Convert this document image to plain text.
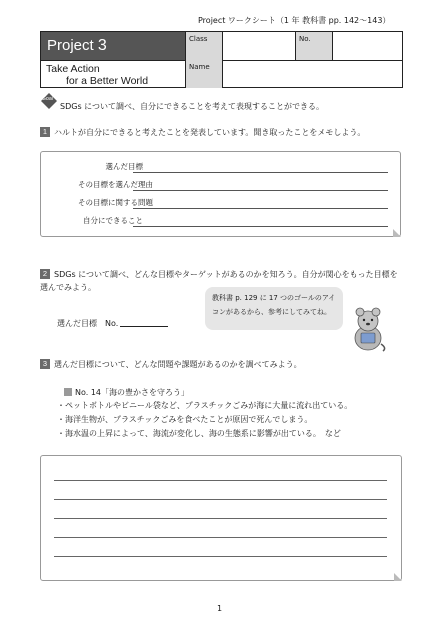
Project ワークシート（1 年 教科書 pp. 142～143）
Project 3
Take Action
for a Better World
Class	No.
Name
Goal
SDGs について調べ、自分にできることを考えて表現することができる。
1 ハルトが自分にできると考えたことを発表しています。聞き取ったことをメモしよう。
選んだ目標
その目標を選んだ理由
その目標に関する問題
自分にできること
2 SDGs について調べ、どんな目標やターゲットがあるのかを知ろう。自分が関心をもった目標を選んでみよう。
教科書 p. 129 に 17 つのゴールのアイ
コンがあるから、参考にしてみてね。
選んだ目標　No.
3 選んだ目標について、どんな問題や課題があるのかを調べてみよう。
No. 14「海の豊かさを守ろう」
・ペットボトルやビニール袋など、プラスチックごみが海に大量に流れ出ている。
・海洋生物が、プラスチックごみを食べたことが原因で死んでしまう。
・海水温の上昇によって、海流が変化し、海の生態系に影響が出ている。　など
1
